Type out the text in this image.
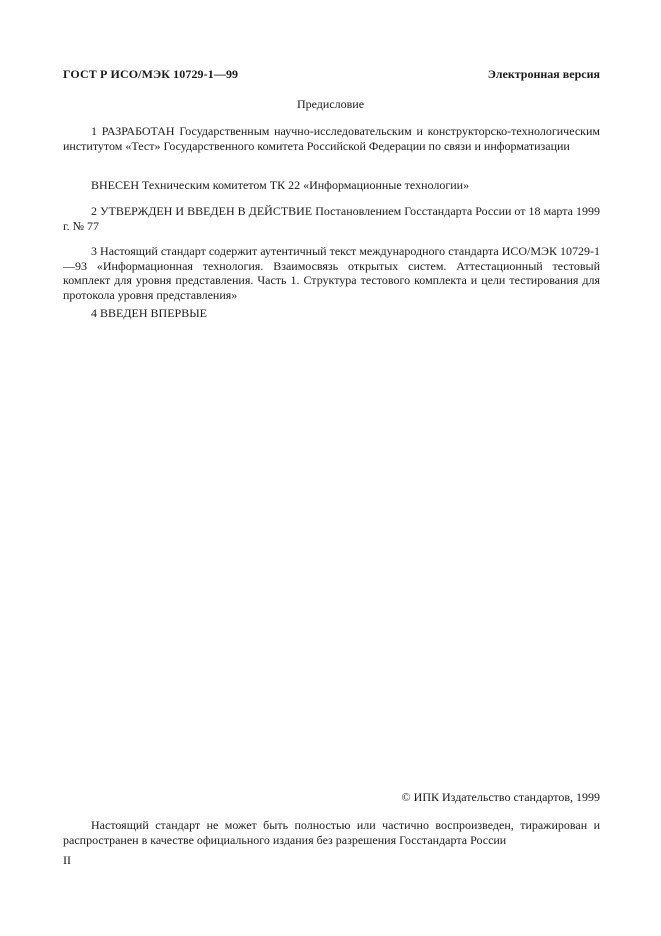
ГОСТ Р ИСО/МЭК 10729-1—99	Электронная версия
Предисловие

1 РАЗРАБОТАН Государственным научно-исследовательским и конструкторско-технологическим институтом «Тест» Государственного комитета Российской Федерации по связи и информатизации

ВНЕСЕН Техническим комитетом ТК 22 «Информационные технологии»

2 УТВЕРЖДЕН И ВВЕДЕН В ДЕЙСТВИЕ Постановлением Госстандарта России от 18 марта 1999 г. № 77

3 Настоящий стандарт содержит аутентичный текст международного стандарта ИСО/МЭК 10729-1—93 «Информационная технология. Взаимосвязь открытых систем. Аттестационный тестовый комплект для уровня представления. Часть 1. Структура тестового комплекта и цели тестирования для протокола уровня представления»

4 ВВЕДЕН ВПЕРВЫЕ

© ИПК Издательство стандартов, 1999

Настоящий стандарт не может быть полностью или частично воспроизведен, тиражирован и распространен в качестве официального издания без разрешения Госстандарта России

II
